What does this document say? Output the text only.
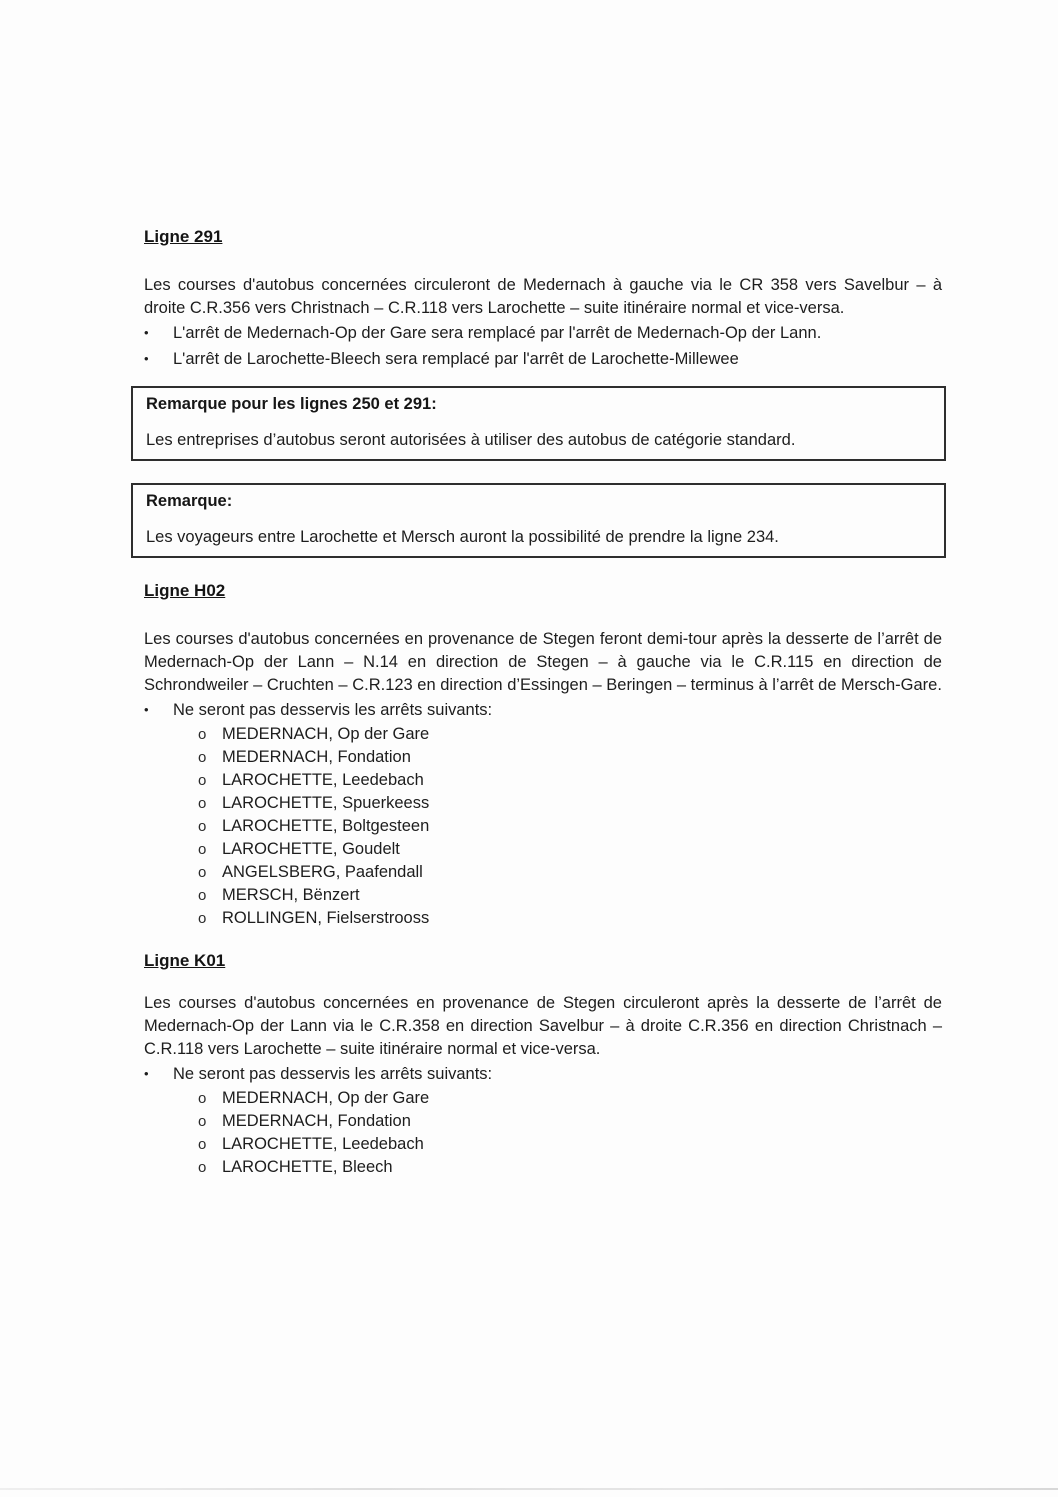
Ligne 291

Les courses d'autobus concernées circuleront de Medernach à gauche via le CR 358 vers Savelbur – à droite C.R.356 vers Christnach – C.R.118 vers Larochette – suite itinéraire normal et vice-versa.

•	L'arrêt de Medernach-Op der Gare sera remplacé par l'arrêt de Medernach-Op der Lann.
•	L'arrêt de Larochette-Bleech sera remplacé par l'arrêt de Larochette-Millewee

Remarque pour les lignes 250 et 291:

Les entreprises d’autobus seront autorisées à utiliser des autobus de catégorie standard.

Remarque:

Les voyageurs entre Larochette et Mersch auront la possibilité de prendre la ligne 234.

Ligne H02

Les courses d'autobus concernées en provenance de Stegen feront demi-tour après la desserte de l’arrêt de Medernach-Op der Lann – N.14 en direction de Stegen – à gauche via le C.R.115 en direction de Schrondweiler – Cruchten – C.R.123 en direction d’Essingen – Beringen – terminus à l’arrêt de Mersch-Gare.

•	Ne seront pas desservis les arrêts suivants:
o MEDERNACH, Op der Gare
o MEDERNACH, Fondation
o LAROCHETTE, Leedebach
o LAROCHETTE, Spuerkeess
o LAROCHETTE, Boltgesteen
o LAROCHETTE, Goudelt
o ANGELSBERG, Paafendall
o MERSCH, Bënzert
o ROLLINGEN, Fielserstrooss
Ligne K01

Les courses d'autobus concernées en provenance de Stegen circuleront après la desserte de l’arrêt de Medernach-Op der Lann via le C.R.358 en direction Savelbur – à droite C.R.356 en direction Christnach – C.R.118 vers Larochette – suite itinéraire normal et vice-versa.

•	Ne seront pas desservis les arrêts suivants:
o MEDERNACH, Op der Gare
o MEDERNACH, Fondation
o LAROCHETTE, Leedebach
o LAROCHETTE, Bleech
